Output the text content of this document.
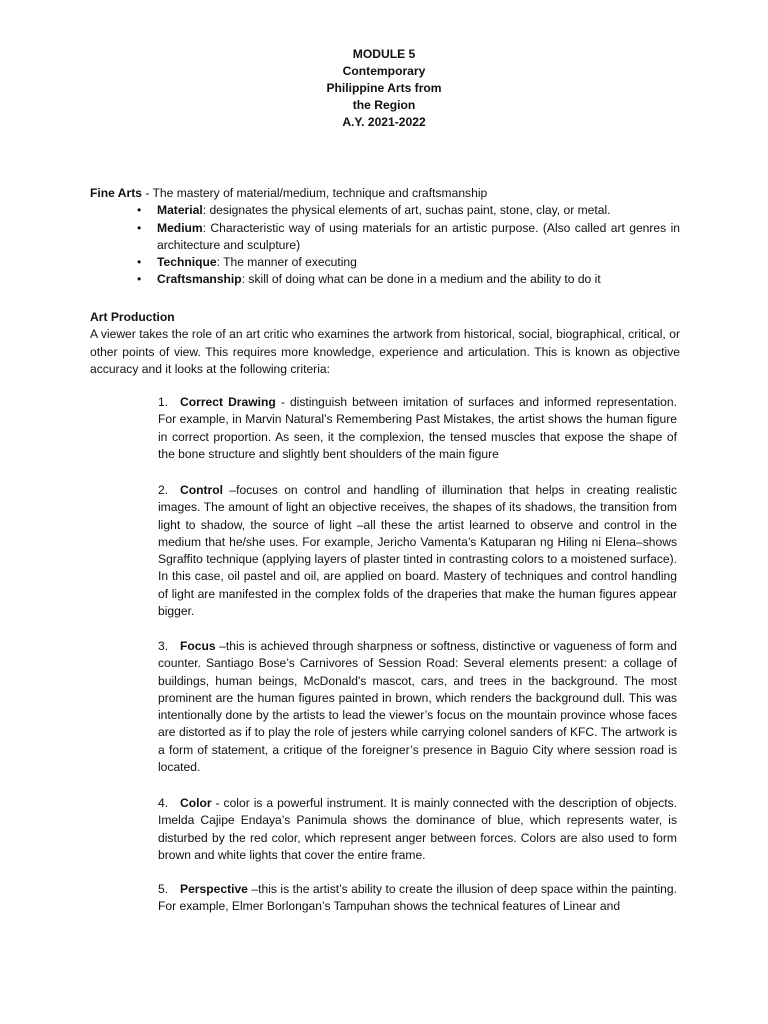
MODULE 5
Contemporary
Philippine Arts from
the Region
A.Y. 2021-2022
Fine Arts - The mastery of material/medium, technique and craftsmanship
• Material: designates the physical elements of art, suchas paint, stone, clay, or metal.
• Medium: Characteristic way of using materials for an artistic purpose. (Also called art genres in architecture and sculpture)
• Technique: The manner of executing
• Craftsmanship: skill of doing what can be done in a medium and the ability to do it
Art Production

A viewer takes the role of an art critic who examines the artwork from historical, social, biographical, critical, or other points of view. This requires more knowledge, experience and articulation. This is known as objective accuracy and it looks at the following criteria:

1. Correct Drawing - distinguish between imitation of surfaces and informed representation. For example, in Marvin Natural’s Remembering Past Mistakes, the artist shows the human figure in correct proportion. As seen, it the complexion, the tensed muscles that expose the shape of the bone structure and slightly bent shoulders of the main figure
2. Control –focuses on control and handling of illumination that helps in creating realistic images. The amount of light an objective receives, the shapes of its shadows, the transition from light to shadow, the source of light –all these the artist learned to observe and control in the medium that he/she uses. For example, Jericho Vamenta’s Katuparan ng Hiling ni Elena–shows Sgraffito technique (applying layers of plaster tinted in contrasting colors to a moistened surface). In this case, oil pastel and oil, are applied on board. Mastery of techniques and control handling of light are manifested in the complex folds of the draperies that make the human figures appear bigger.
3. Focus –this is achieved through sharpness or softness, distinctive or vagueness of form and counter. Santiago Bose’s Carnivores of Session Road: Several elements present: a collage of buildings, human beings, McDonald's mascot, cars, and trees in the background. The most prominent are the human figures painted in brown, which renders the background dull. This was intentionally done by the artists to lead the viewer’s focus on the mountain province whose faces are distorted as if to play the role of jesters while carrying colonel sanders of KFC. The artwork is a form of statement, a critique of the foreigner’s presence in Baguio City where session road is located.
4. Color - color is a powerful instrument. It is mainly connected with the description of objects. Imelda Cajipe Endaya’s Panimula shows the dominance of blue, which represents water, is disturbed by the red color, which represent anger between forces. Colors are also used to form brown and white lights that cover the entire frame.
5. Perspective –this is the artist’s ability to create the illusion of deep space within the painting. For example, Elmer Borlongan’s Tampuhan shows the technical features of Linear and
